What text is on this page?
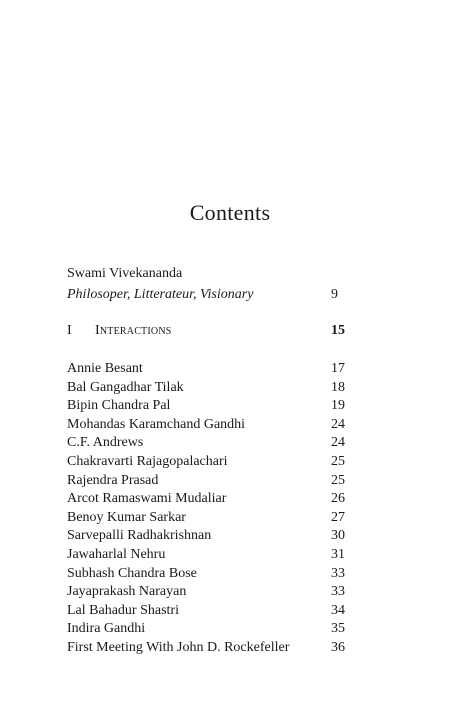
Contents
Swami Vivekananda
Philosoper, Litterateur, Visionary	9
I Interactions	15
Annie Besant	17
Bal Gangadhar Tilak	18
Bipin Chandra Pal	19
Mohandas Karamchand Gandhi	24
C.F. Andrews	24
Chakravarti Rajagopalachari	25
Rajendra Prasad	25
Arcot Ramaswami Mudaliar	26
Benoy Kumar Sarkar	27
Sarvepalli Radhakrishnan	30
Jawaharlal Nehru	31
Subhash Chandra Bose	33
Jayaprakash Narayan	33
Lal Bahadur Shastri	34
Indira Gandhi	35
First Meeting With John D. Rockefeller	36
